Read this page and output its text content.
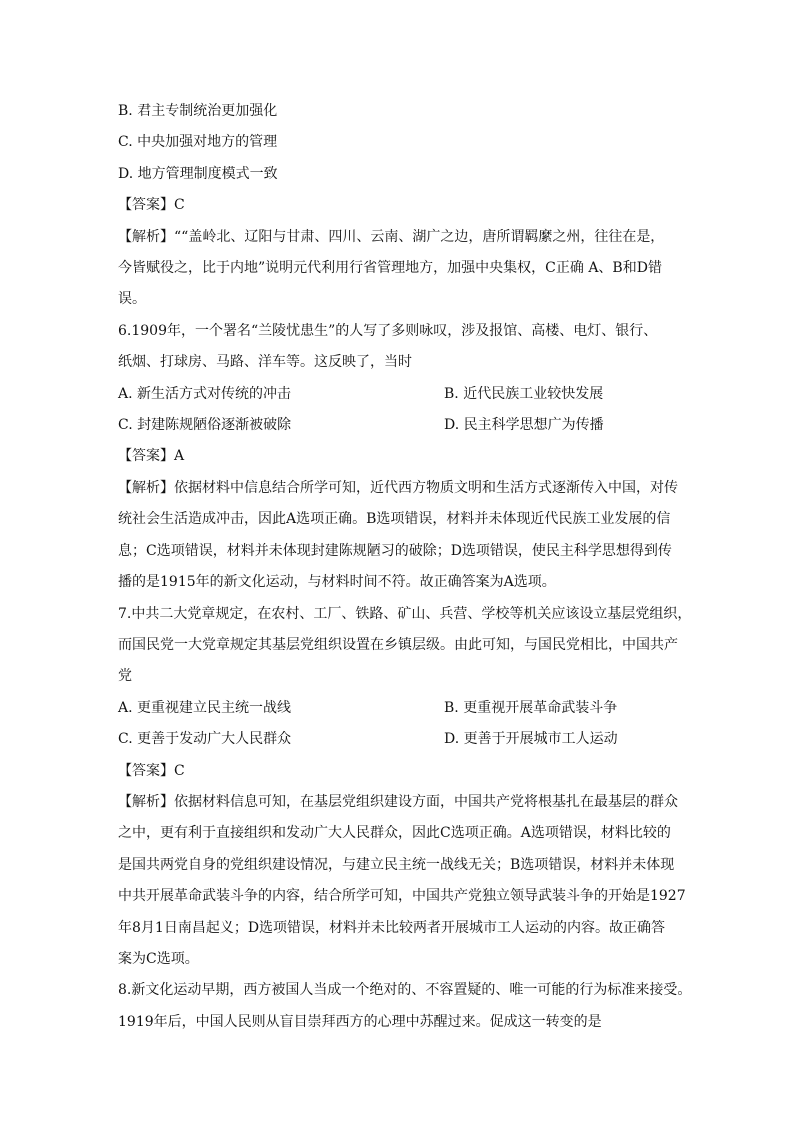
B. 君主专制统治更加强化

C. 中央加强对地方的管理

D. 地方管理制度模式一致

【答案】C

【解析】““盖岭北、辽阳与甘肃、四川、云南、湖广之边，唐所谓羁縻之州，往往在是，

今皆赋役之，比于内地”说明元代利用行省管理地方，加强中央集权，C正确 A、B和D错

误。

6.1909年，一个署名“兰陵忧患生”的人写了多则咏叹，涉及报馆、高楼、电灯、银行、

纸烟、打球房、马路、洋车等。这反映了，当时

A. 新生活方式对传统的冲击	B. 近代民族工业较快发展
C. 封建陈规陋俗逐渐被破除	D. 民主科学思想广为传播

【答案】A

【解析】依据材料中信息结合所学可知，近代西方物质文明和生活方式逐渐传入中国，对传

统社会生活造成冲击，因此A选项正确。B选项错误，材料并未体现近代民族工业发展的信

息；C选项错误，材料并未体现封建陈规陋习的破除；D选项错误，使民主科学思想得到传

播的是1915年的新文化运动，与材料时间不符。故正确答案为A选项。

7.中共二大党章规定，在农村、工厂、铁路、矿山、兵营、学校等机关应该设立基层党组织，

而国民党一大党章规定其基层党组织设置在乡镇层级。由此可知，与国民党相比，中国共产

党

A. 更重视建立民主统一战线	B. 更重视开展革命武装斗争
C. 更善于发动广大人民群众	D. 更善于开展城市工人运动

【答案】C

【解析】依据材料信息可知，在基层党组织建设方面，中国共产党将根基扎在最基层的群众

之中，更有利于直接组织和发动广大人民群众，因此C选项正确。A选项错误，材料比较的

是国共两党自身的党组织建设情况，与建立民主统一战线无关；B选项错误，材料并未体现

中共开展革命武装斗争的内容，结合所学可知，中国共产党独立领导武装斗争的开始是1927

年8月1日南昌起义；D选项错误，材料并未比较两者开展城市工人运动的内容。故正确答

案为C选项。

8.新文化运动早期，西方被国人当成一个绝对的、不容置疑的、唯一可能的行为标准来接受。

1919年后，中国人民则从盲目崇拜西方的心理中苏醒过来。促成这一转变的是
